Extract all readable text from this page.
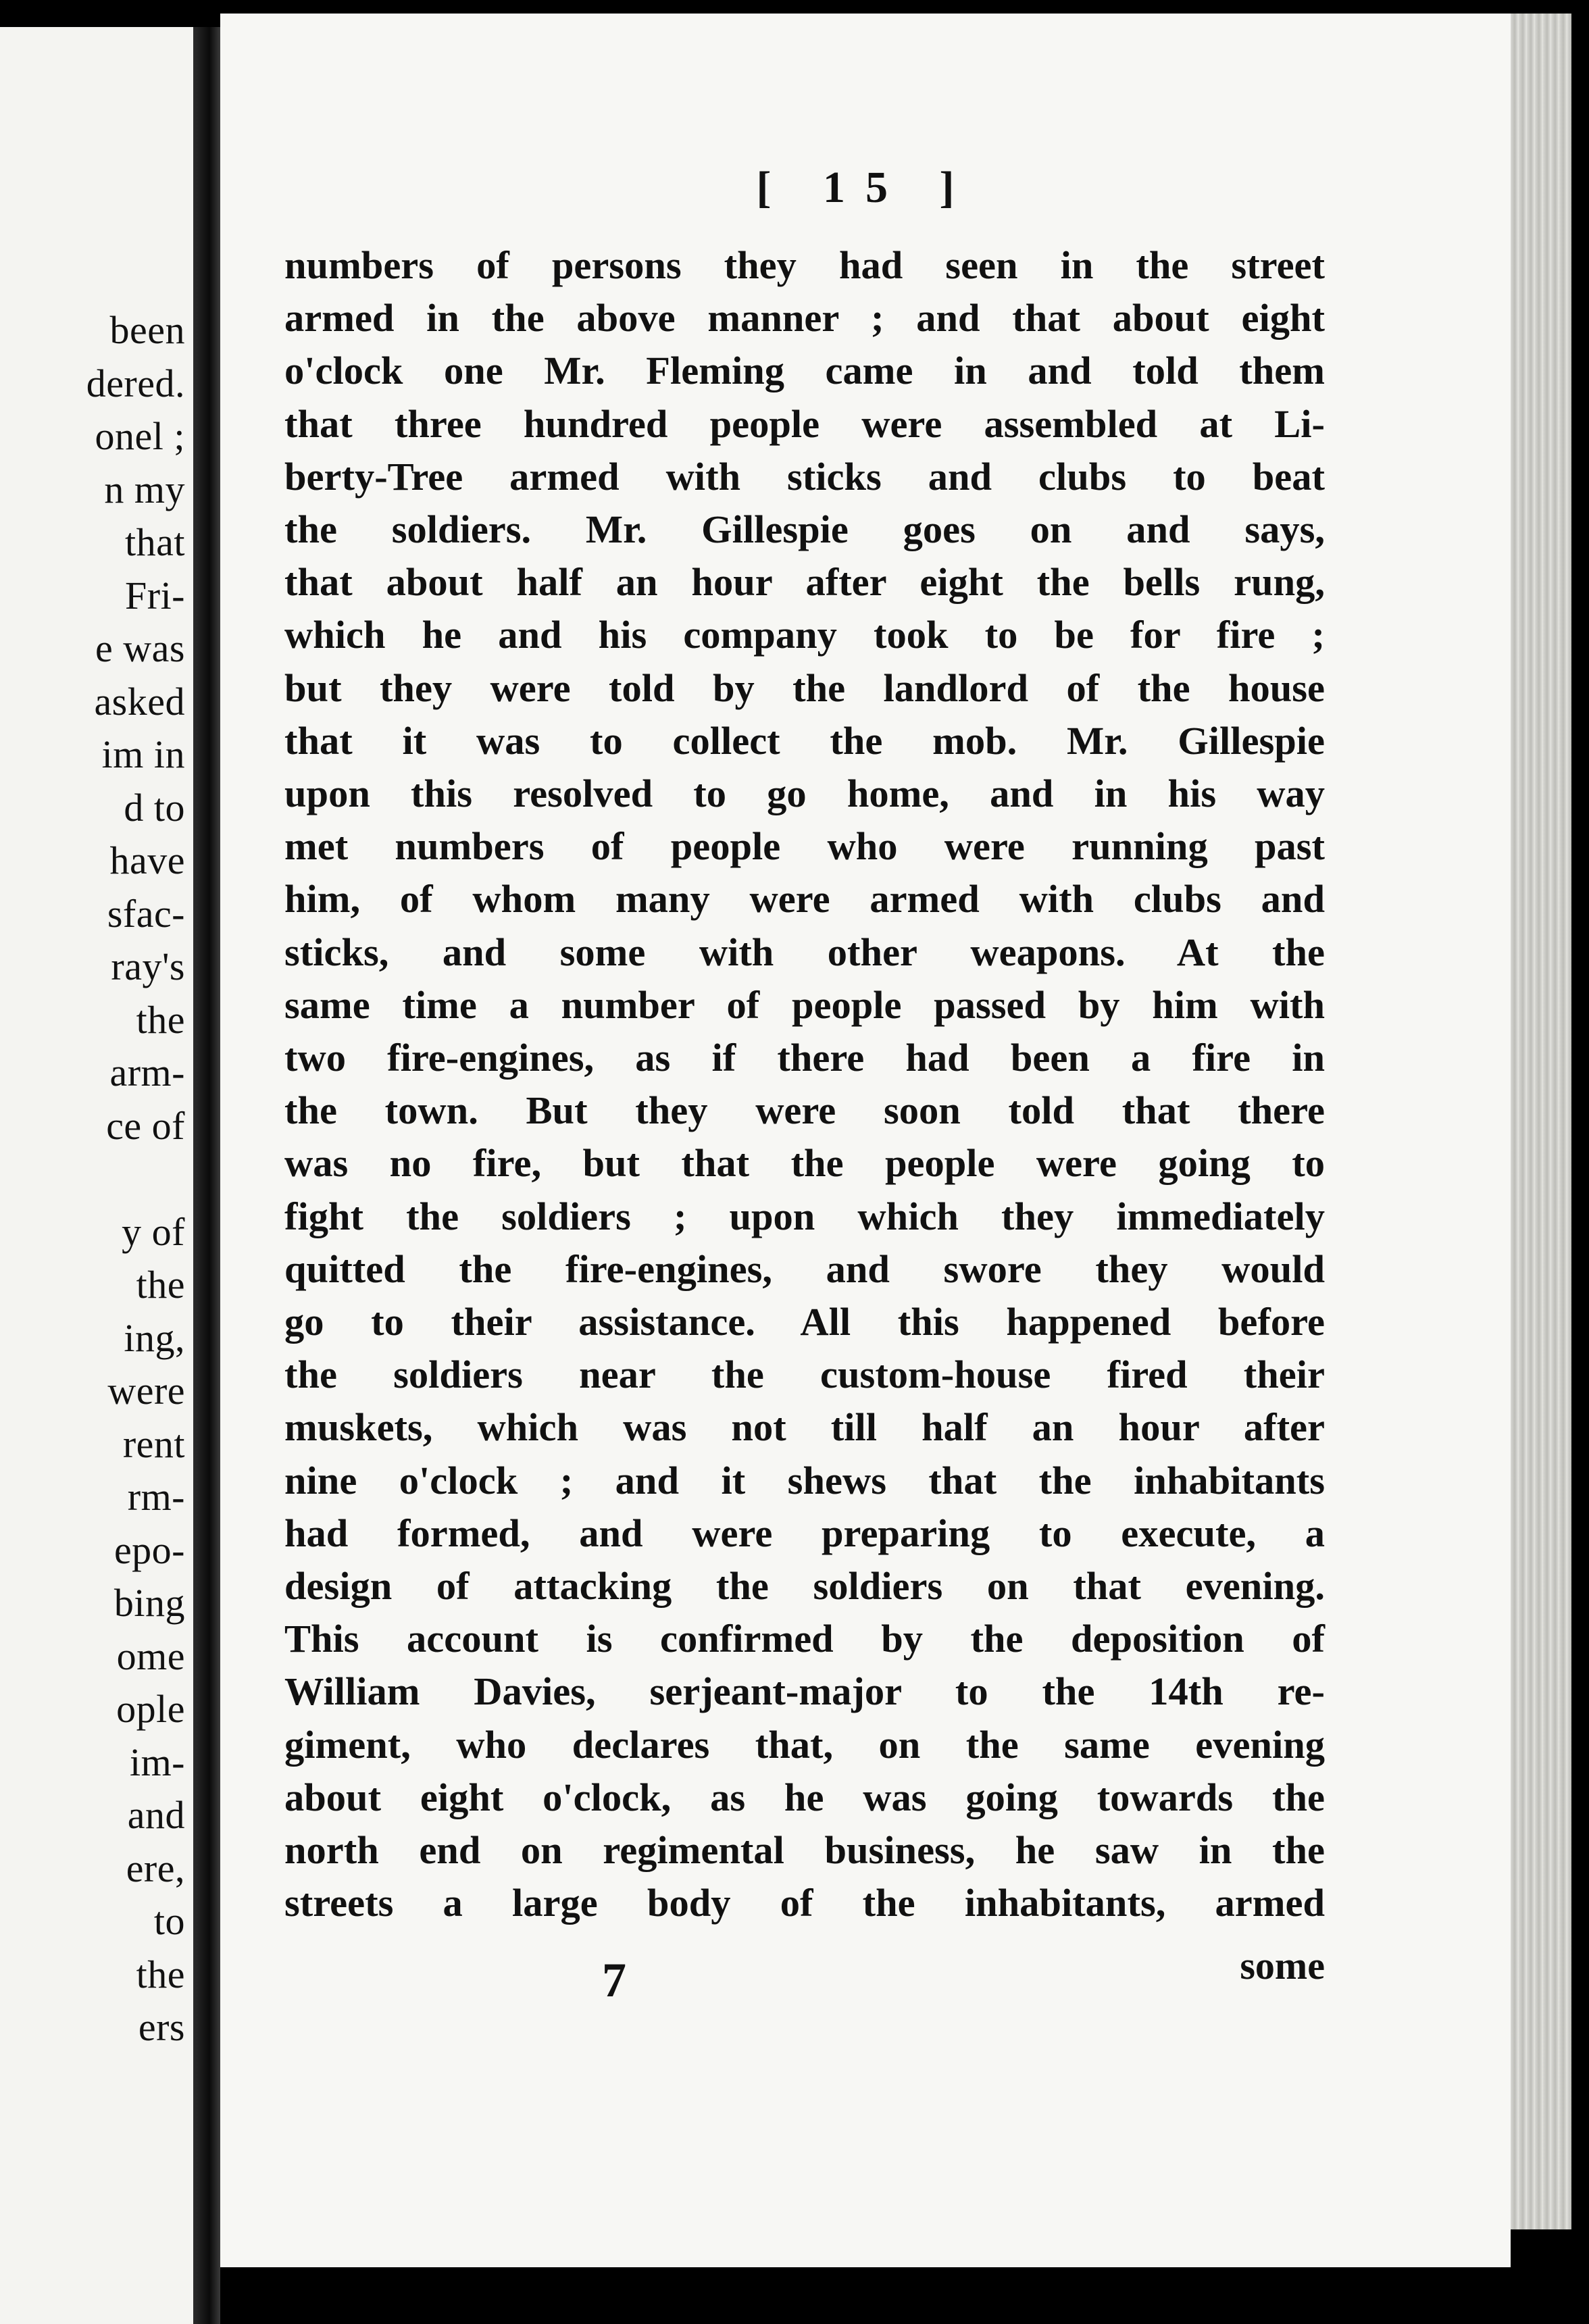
been
dered.
onel ;
n my
that
Fri-
e was
asked
im in
d to
have
sfac-
ray's
the
arm-
ce of

y of
the
ing,
were
rent
rm-
epo-
bing
ome
ople
im-
and
ere,
to
the
ers
[ 15 ]
numbers of persons they had seen in the street
armed in the above manner ; and that about eight
o'clock one Mr. Fleming came in and told them
that three hundred people were assembled at Li-
berty-Tree armed with sticks and clubs to beat
the soldiers. Mr. Gillespie goes on and says,
that about half an hour after eight the bells rung,
which he and his company took to be for fire ;
but they were told by the landlord of the house
that it was to collect the mob. Mr. Gillespie
upon this resolved to go home, and in his way
met numbers of people who were running past
him, of whom many were armed with clubs and
sticks, and some with other weapons. At the
same time a number of people passed by him with
two fire-engines, as if there had been a fire in
the town. But they were soon told that there
was no fire, but that the people were going to
fight the soldiers ; upon which they immediately
quitted the fire-engines, and swore they would
go to their assistance. All this happened before
the soldiers near the custom-house fired their
muskets, which was not till half an hour after
nine o'clock ; and it shews that the inhabitants
had formed, and were preparing to execute, a
design of attacking the soldiers on that evening.
This account is confirmed by the deposition of
William Davies, serjeant-major to the 14th re-
giment, who declares that, on the same evening
about eight o'clock, as he was going towards the
north end on regimental business, he saw in the
streets a large body of the inhabitants, armed
7	some
